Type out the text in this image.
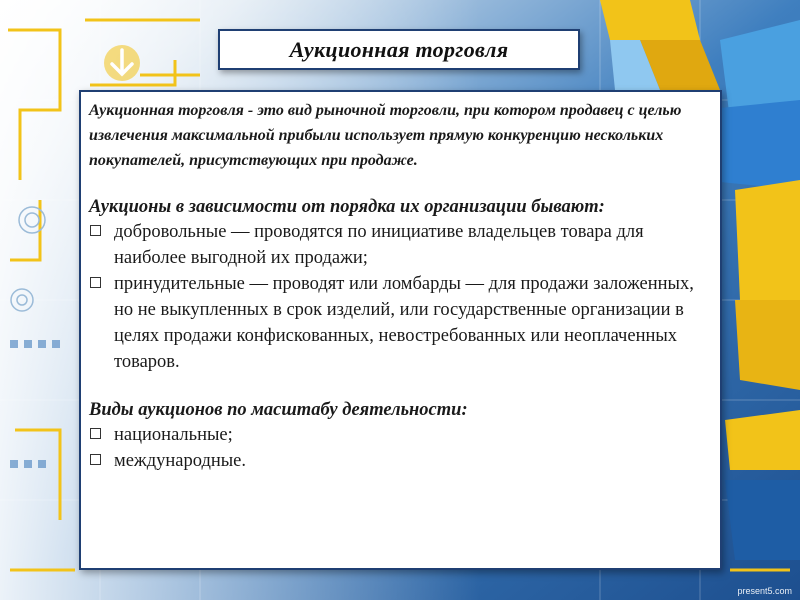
Аукционная торговля

Аукционная торговля - это вид рыночной торговли, при котором продавец с целью извлечения максимальной прибыли использует прямую конкуренцию нескольких покупателей, присутствующих при продаже.

Аукционы в зависимости от порядка их организации бывают:

добровольные — проводятся по инициативе владельцев товара для наиболее выгодной их продажи;
принудительные — проводят или ломбарды — для продажи заложенных, но не выкупленных в срок изделий, или государственные организации в целях продажи конфискованных, невостребованных или неоплаченных товаров.

Виды аукционов по масштабу деятельности:

национальные;
международные.
present5.com
